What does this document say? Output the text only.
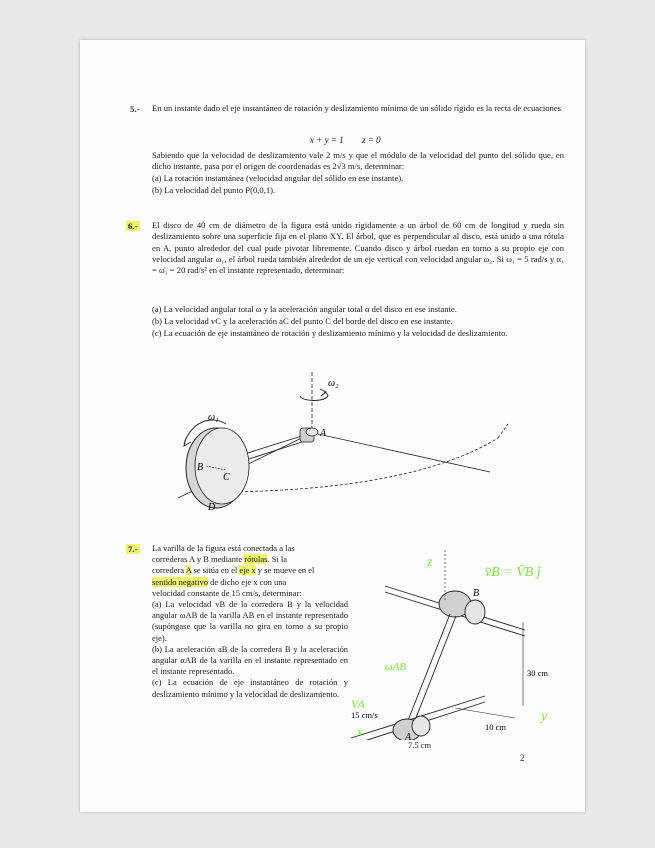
5.- En un instante dado el eje instantáneo de rotación y deslizamiento mínimo de un sólido rígido es la recta de ecuaciones

x + y = 1 z = 0

Sabiendo que la velocidad de deslizamiento vale 2 m/s y que el módulo de la velocidad del punto del sólido que, en dicho instante, pasa por el origen de coordenadas es 2√3 m/s, determinar:

(a) La rotación instantánea (velocidad angular del sólido en ese instante).

(b) La velocidad del punto P(0,0,1).

6.- El disco de 40 cm de diámetro de la figura está unido rígidamente a un árbol de 60 cm de longitud y rueda sin deslizamiento sobre una superficie fija en el plano XY. El árbol, que es perpendicular al disco, está unido a una rótula en A, punto alrededor del cual pude pivotar libremente. Cuando disco y árbol ruedan en torno a su propio eje con velocidad angular ω₁, el árbol rueda también alrededor de un eje vertical con velocidad angular ω₂. Si ω₁ = 5 rad/s y α₁ = ω̇₁ = 20 rad/s² en el instante representado, determinar:

(a) La velocidad angular total ω y la aceleración angular total α del disco en ese instante.

(b) La velocidad vC y la aceleración aC del punto C del borde del disco en ese instante.

(c) La ecuación de eje instantáneo de rotación y deslizamiento mínimo y la velocidad de deslizamiento.

ω₁
ω₂
A
B
C
D
7.- La varilla de la figura está conectada a las
correderas A y B mediante rótulas. Si la
corredera A se sitúa en el eje x y se mueve en el
sentido negativo de dicho eje x con una
velocidad constante de 15 cm/s, determinar:
(a) La velocidad vB de la corredera B y la velocidad angular ωAB de la varilla AB en el instante representado (supóngase que la varilla no gira en torno a su propio eje).
(b) La aceleración aB de la corredera B y la aceleración angular αAB de la varilla en el instante representado en el instante representado.
(c) La ecuación de eje instantáneo de rotación y deslizamiento mínimo y la velocidad de deslizamiento.
B
30 cm
A
10 cm
15 cm/s
z
v̄B = V̄B ĵ
ωAB
VA
x
y
7.5 cm
2
